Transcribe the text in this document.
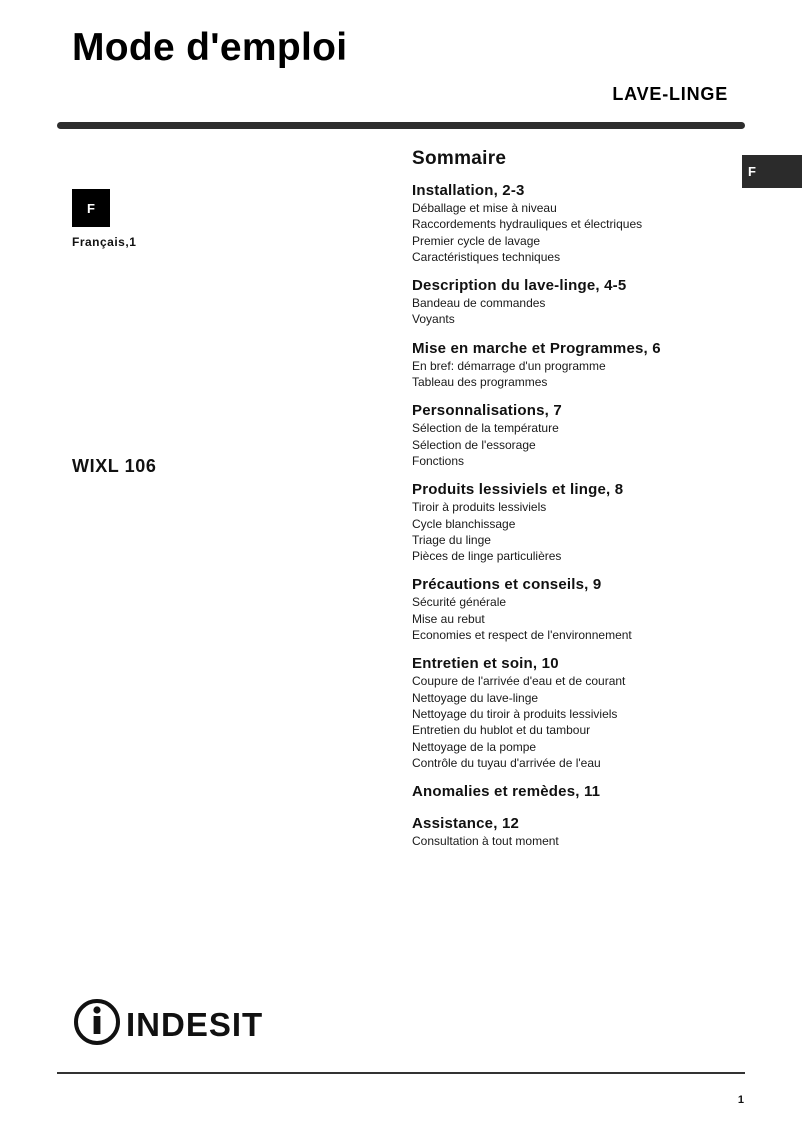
Mode d'emploi
LAVE-LINGE
F
F
Français,1
WIXL 106
Sommaire
Installation, 2-3
Déballage et mise à niveau
Raccordements hydrauliques et électriques
Premier cycle de lavage
Caractéristiques techniques
Description du lave-linge, 4-5
Bandeau de commandes
Voyants
Mise en marche et Programmes, 6
En bref: démarrage d'un programme
Tableau des programmes
Personnalisations, 7
Sélection de la température
Sélection de l'essorage
Fonctions
Produits lessiviels et linge, 8
Tiroir à produits lessiviels
Cycle blanchissage
Triage du linge
Pièces de linge particulières
Précautions et conseils, 9
Sécurité générale
Mise au rebut
Economies et respect de l'environnement
Entretien et soin, 10
Coupure de l'arrivée d'eau et de courant
Nettoyage du lave-linge
Nettoyage du tiroir à produits lessiviels
Entretien du hublot et du tambour
Nettoyage de la pompe
Contrôle du tuyau d'arrivée de l'eau
Anomalies et remèdes, 11
Assistance, 12
Consultation à tout moment
INDESIT
1
